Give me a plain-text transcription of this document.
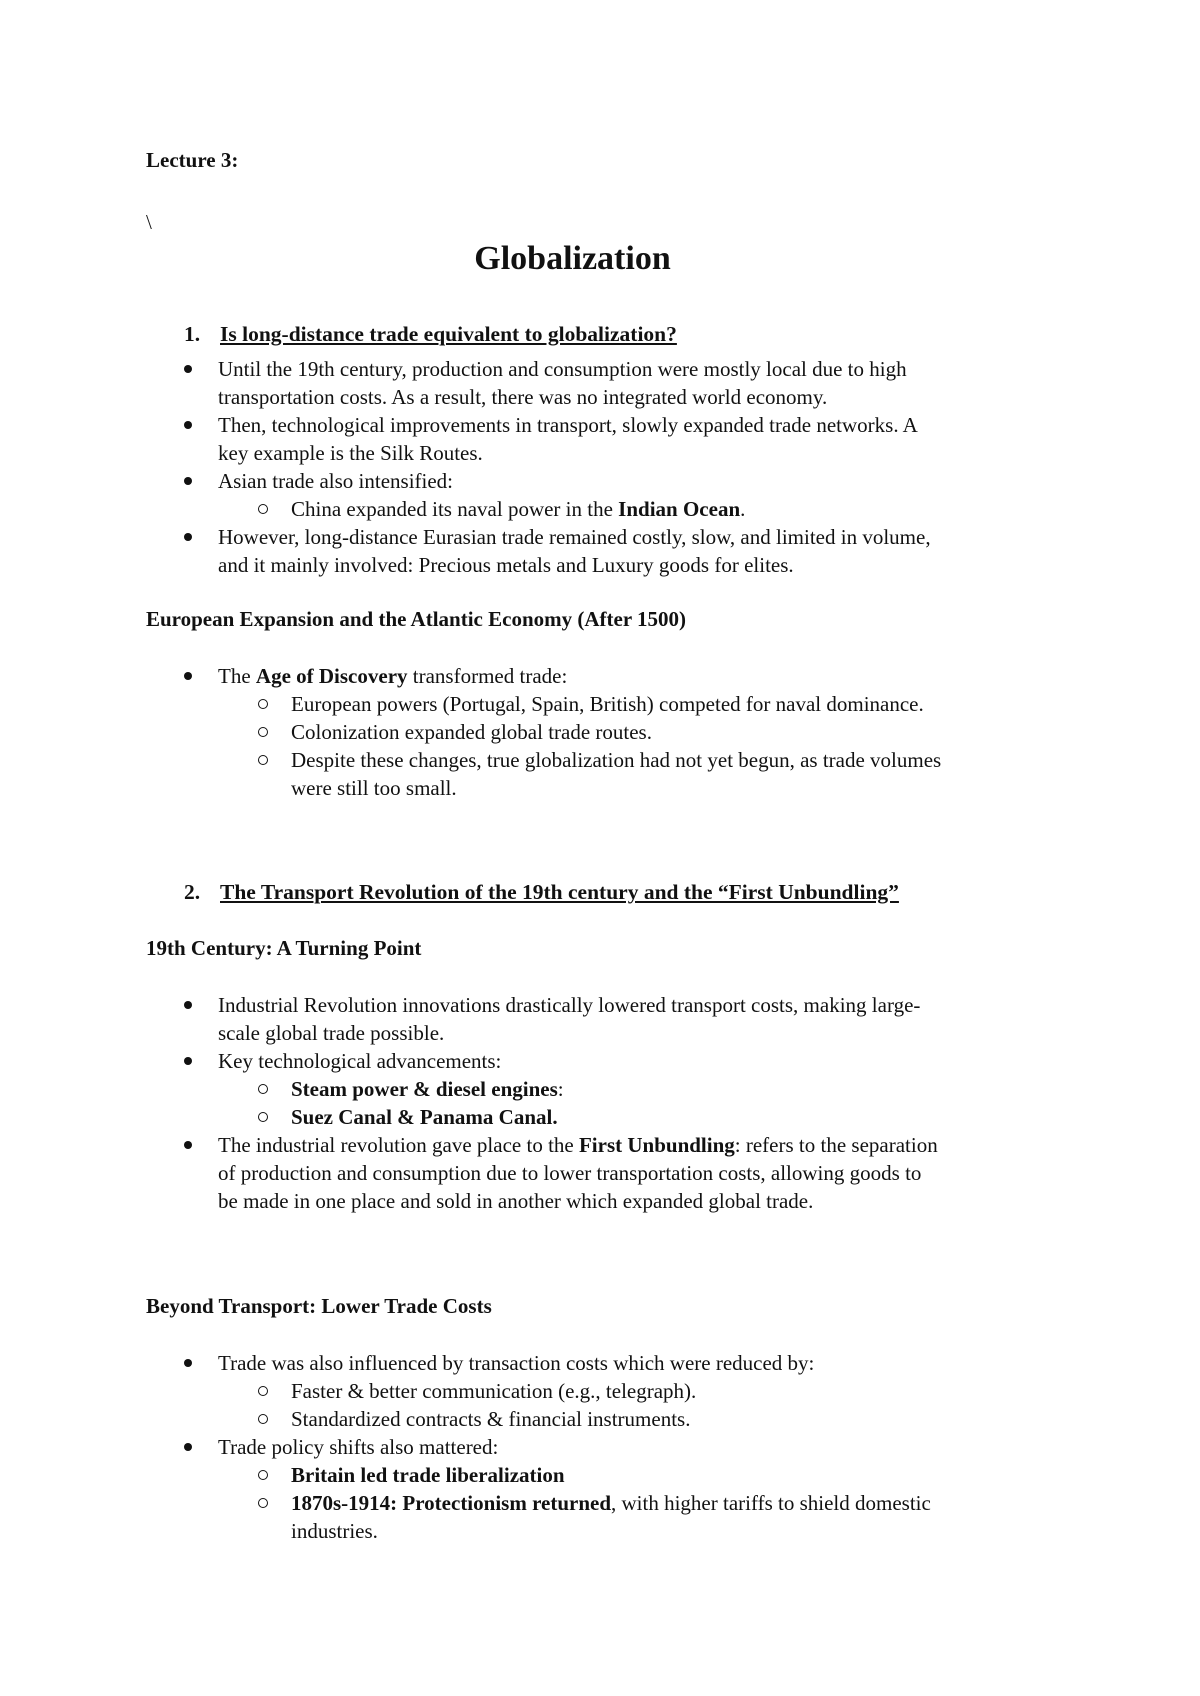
Lecture 3:
\
Globalization
1. Is long-distance trade equivalent to globalization?
Until the 19th century, production and consumption were mostly local due to high
transportation costs. As a result, there was no integrated world economy.
Then, technological improvements in transport, slowly expanded trade networks. A
key example is the Silk Routes.
Asian trade also intensified:
China expanded its naval power in the Indian Ocean.
However, long-distance Eurasian trade remained costly, slow, and limited in volume,
and it mainly involved: Precious metals and Luxury goods for elites.
European Expansion and the Atlantic Economy (After 1500)
The Age of Discovery transformed trade:
European powers (Portugal, Spain, British) competed for naval dominance.
Colonization expanded global trade routes.
Despite these changes, true globalization had not yet begun, as trade volumes
were still too small.
2. The Transport Revolution of the 19th century and the “First Unbundling”
19th Century: A Turning Point
Industrial Revolution innovations drastically lowered transport costs, making large-
scale global trade possible.
Key technological advancements:
Steam power & diesel engines:
Suez Canal & Panama Canal.
The industrial revolution gave place to the First Unbundling: refers to the separation
of production and consumption due to lower transportation costs, allowing goods to
be made in one place and sold in another which expanded global trade.
Beyond Transport: Lower Trade Costs
Trade was also influenced by transaction costs which were reduced by:
Faster & better communication (e.g., telegraph).
Standardized contracts & financial instruments.
Trade policy shifts also mattered:
Britain led trade liberalization
1870s-1914: Protectionism returned, with higher tariffs to shield domestic
industries.
